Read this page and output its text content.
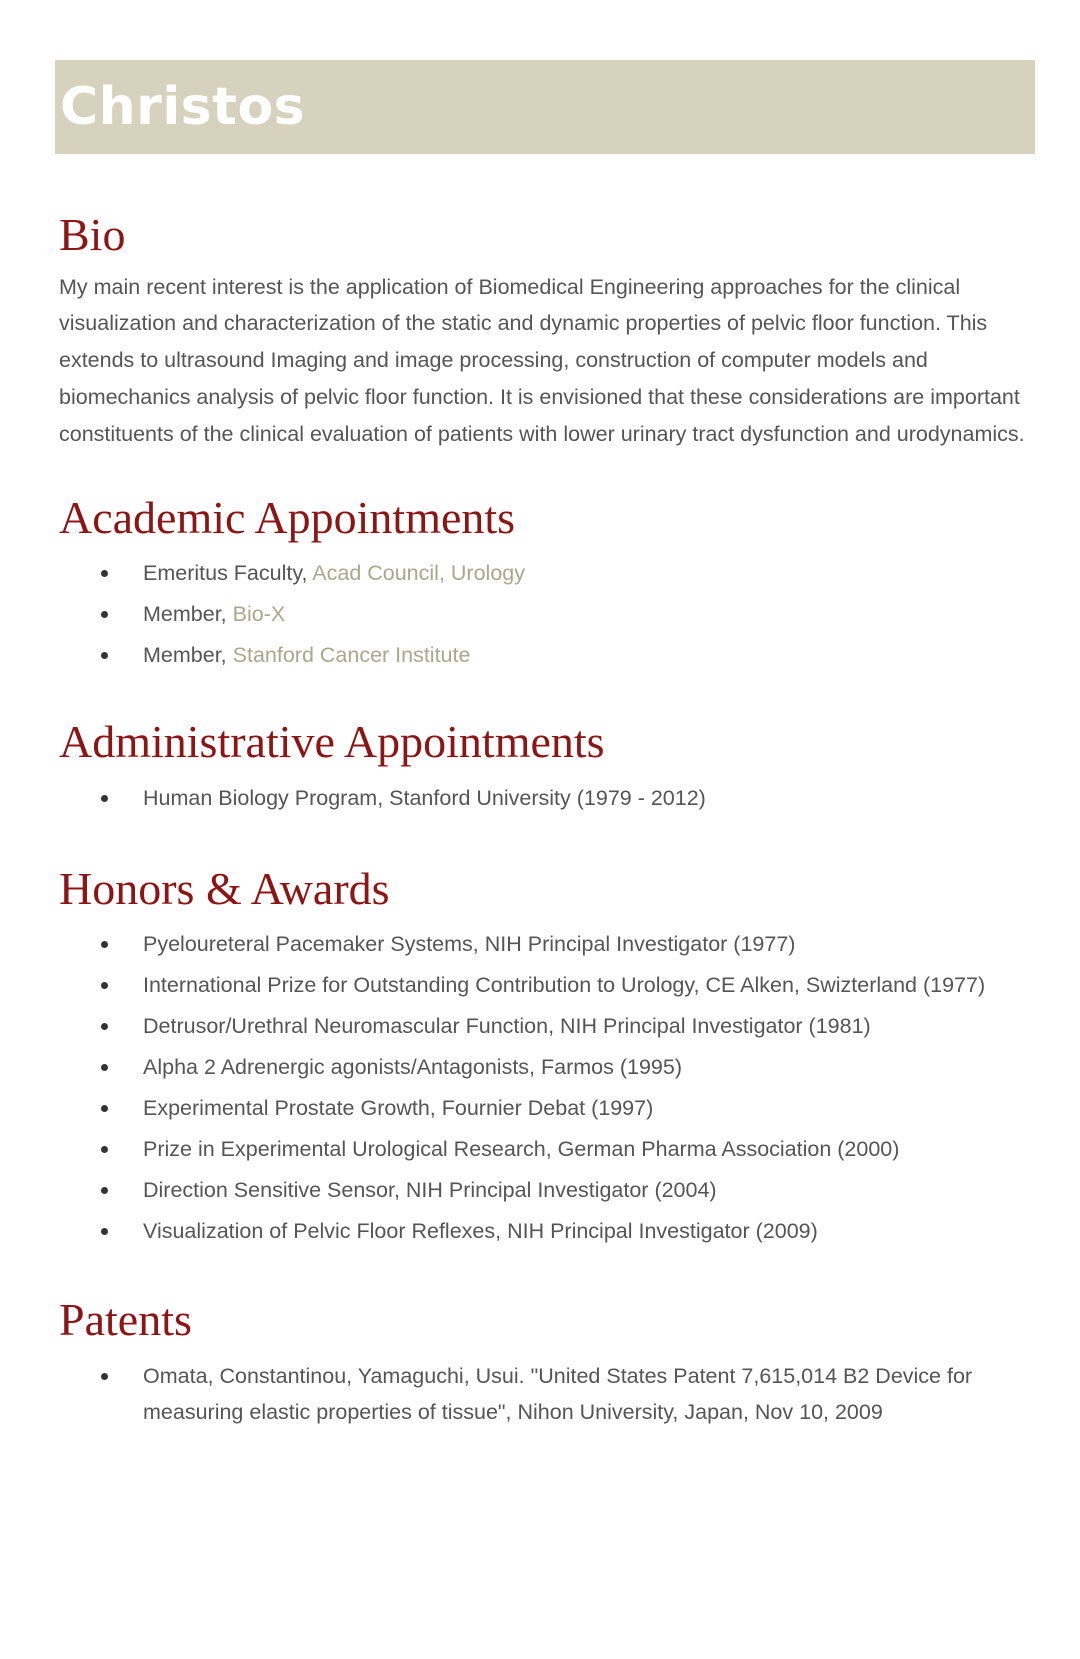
Christos
Bio

My main recent interest is the application of Biomedical Engineering approaches for the clinical visualization and characterization of the static and dynamic properties of pelvic floor function. This extends to ultrasound Imaging and image processing, construction of computer models and biomechanics analysis of pelvic floor function. It is envisioned that these considerations are important constituents of the clinical evaluation of patients with lower urinary tract dysfunction and urodynamics.

Academic Appointments
Emeritus Faculty, Acad Council, Urology
Member, Bio-X
Member, Stanford Cancer Institute
Administrative Appointments
Human Biology Program, Stanford University (1979 - 2012)
Honors & Awards
Pyeloureteral Pacemaker Systems, NIH Principal Investigator (1977)
International Prize for Outstanding Contribution to Urology, CE Alken, Swizterland (1977)
Detrusor/Urethral Neuromascular Function, NIH Principal Investigator (1981)
Alpha 2 Adrenergic agonists/Antagonists, Farmos (1995)
Experimental Prostate Growth, Fournier Debat (1997)
Prize in Experimental Urological Research, German Pharma Association (2000)
Direction Sensitive Sensor, NIH Principal Investigator (2004)
Visualization of Pelvic Floor Reflexes, NIH Principal Investigator (2009)
Patents
Omata, Constantinou, Yamaguchi, Usui. "United States Patent 7,615,014 B2 Device for measuring elastic properties of tissue", Nihon University, Japan, Nov 10, 2009
